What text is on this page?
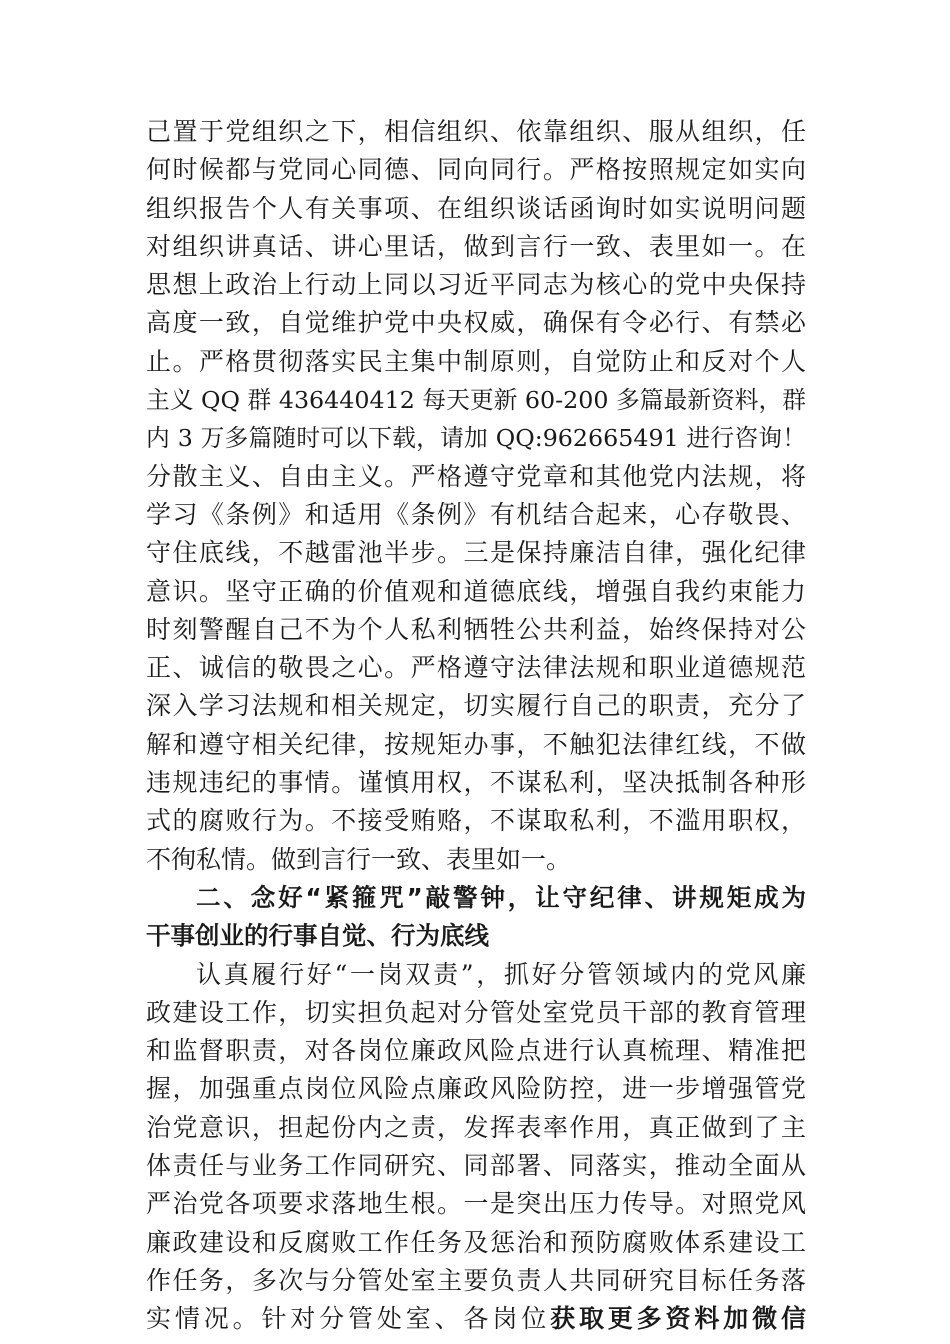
己置于党组织之下，相信组织、依靠组织、服从组织，任
何时候都与党同心同德、同向同行。严格按照规定如实向
组织报告个人有关事项、在组织谈话函询时如实说明问题
对组织讲真话、讲心里话，做到言行一致、表里如一。在
思想上政治上行动上同以习近平同志为核心的党中央保持
高度一致，自觉维护党中央权威，确保有令必行、有禁必
止。严格贯彻落实民主集中制原则，自觉防止和反对个人
主义 QQ 群 436440412 每天更新 60-200 多篇最新资料，群
内 3 万多篇随时可以下载，请加 QQ:962665491 进行咨询！
分散主义、自由主义。严格遵守党章和其他党内法规，将
学习《条例》和适用《条例》有机结合起来，心存敬畏、
守住底线，不越雷池半步。三是保持廉洁自律，强化纪律
意识。坚守正确的价值观和道德底线，增强自我约束能力
时刻警醒自己不为个人私利牺牲公共利益，始终保持对公
正、诚信的敬畏之心。严格遵守法律法规和职业道德规范
深入学习法规和相关规定，切实履行自己的职责，充分了
解和遵守相关纪律，按规矩办事，不触犯法律红线，不做
违规违纪的事情。谨慎用权，不谋私利，坚决抵制各种形
式的腐败行为。不接受贿赂，不谋取私利，不滥用职权，
不徇私情。做到言行一致、表里如一。
二、念好“紧箍咒”敲警钟，让守纪律、讲规矩成为
干事创业的行事自觉、行为底线
认真履行好“一岗双责”，抓好分管领域内的党风廉
政建设工作，切实担负起对分管处室党员干部的教育管理
和监督职责，对各岗位廉政风险点进行认真梳理、精准把
握，加强重点岗位风险点廉政风险防控，进一步增强管党
治党意识，担起份内之责，发挥表率作用，真正做到了主
体责任与业务工作同研究、同部署、同落实，推动全面从
严治党各项要求落地生根。一是突出压力传导。对照党风
廉政建设和反腐败工作任务及惩治和预防腐败体系建设工
作任务，多次与分管处室主要负责人共同研究目标任务落
实情况。针对分管处室、各岗位获取更多资料加微信
